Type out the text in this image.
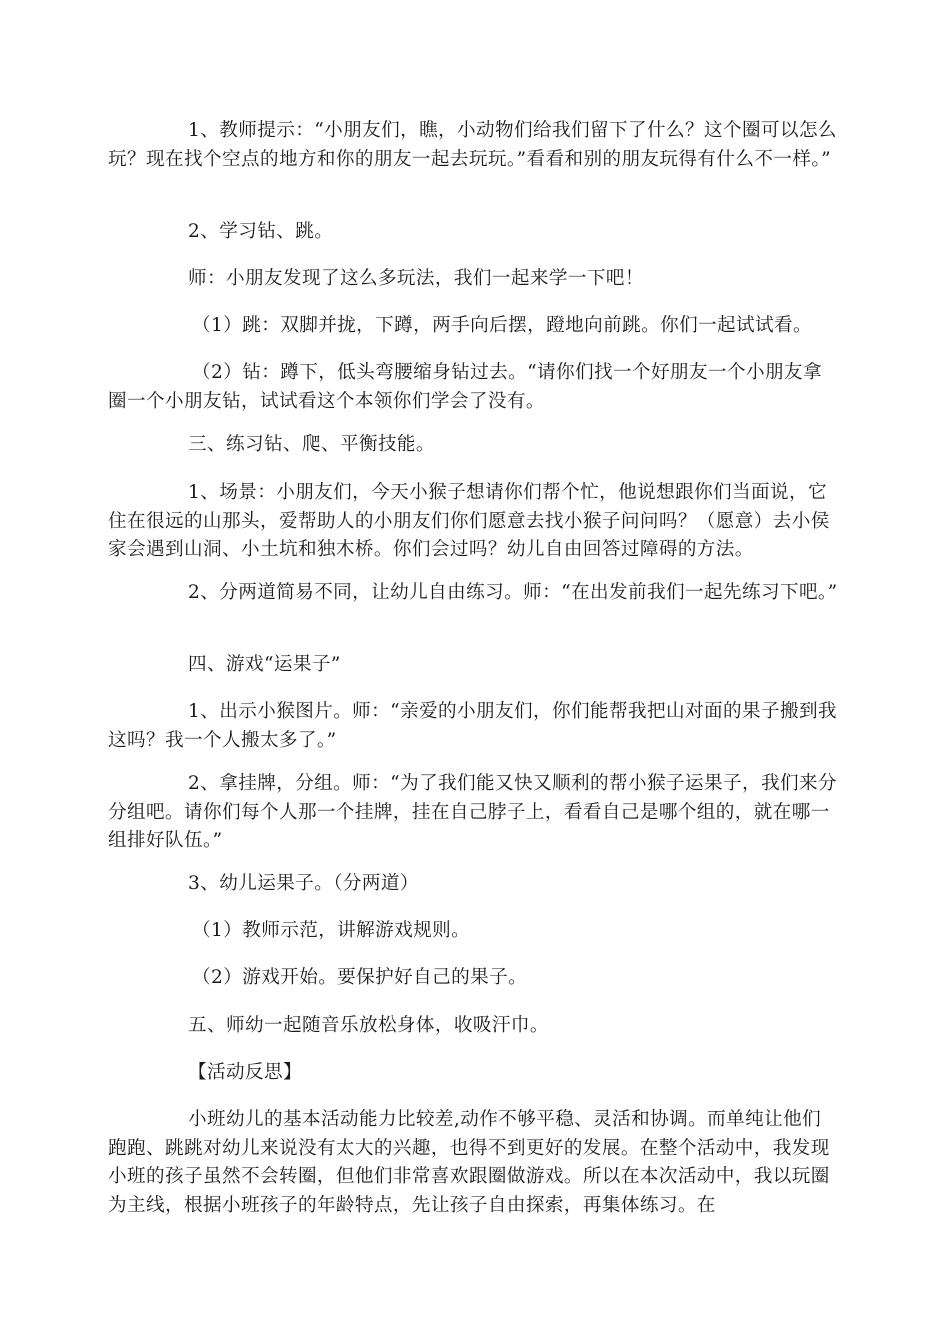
1、教师提示：“小朋友们，瞧，小动物们给我们留下了什么？这个圈可以怎么玩？现在找个空点的地方和你的朋友一起去玩玩。”看看和别的朋友玩得有什么不一样。”

2、学习钻、跳。

师：小朋友发现了这么多玩法，我们一起来学一下吧！

（1）跳：双脚并拢，下蹲，两手向后摆，蹬地向前跳。你们一起试试看。

（2）钻：蹲下，低头弯腰缩身钻过去。“请你们找一个好朋友一个小朋友拿圈一个小朋友钻，试试看这个本领你们学会了没有。

三、练习钻、爬、平衡技能。

1、场景：小朋友们，今天小猴子想请你们帮个忙，他说想跟你们当面说，它住在很远的山那头，爱帮助人的小朋友们你们愿意去找小猴子问问吗？（愿意）去小侯家会遇到山洞、小土坑和独木桥。你们会过吗？幼儿自由回答过障碍的方法。

2、分两道简易不同，让幼儿自由练习。师：“在出发前我们一起先练习下吧。”

四、游戏“运果子”

1、出示小猴图片。师：“亲爱的小朋友们，你们能帮我把山对面的果子搬到我这吗？我一个人搬太多了。”

2、拿挂牌，分组。师：“为了我们能又快又顺利的帮小猴子运果子，我们来分分组吧。请你们每个人那一个挂牌，挂在自己脖子上，看看自己是哪个组的，就在哪一组排好队伍。”

3、幼儿运果子。（分两道）

（1）教师示范，讲解游戏规则。

（2）游戏开始。要保护好自己的果子。

五、师幼一起随音乐放松身体，收吸汗巾。

【活动反思】

小班幼儿的基本活动能力比较差,动作不够平稳、灵活和协调。而单纯让他们跑跑、跳跳对幼儿来说没有太大的兴趣，也得不到更好的发展。在整个活动中，我发现小班的孩子虽然不会转圈，但他们非常喜欢跟圈做游戏。所以在本次活动中，我以玩圈为主线，根据小班孩子的年龄特点，先让孩子自由探索，再集体练习。在
